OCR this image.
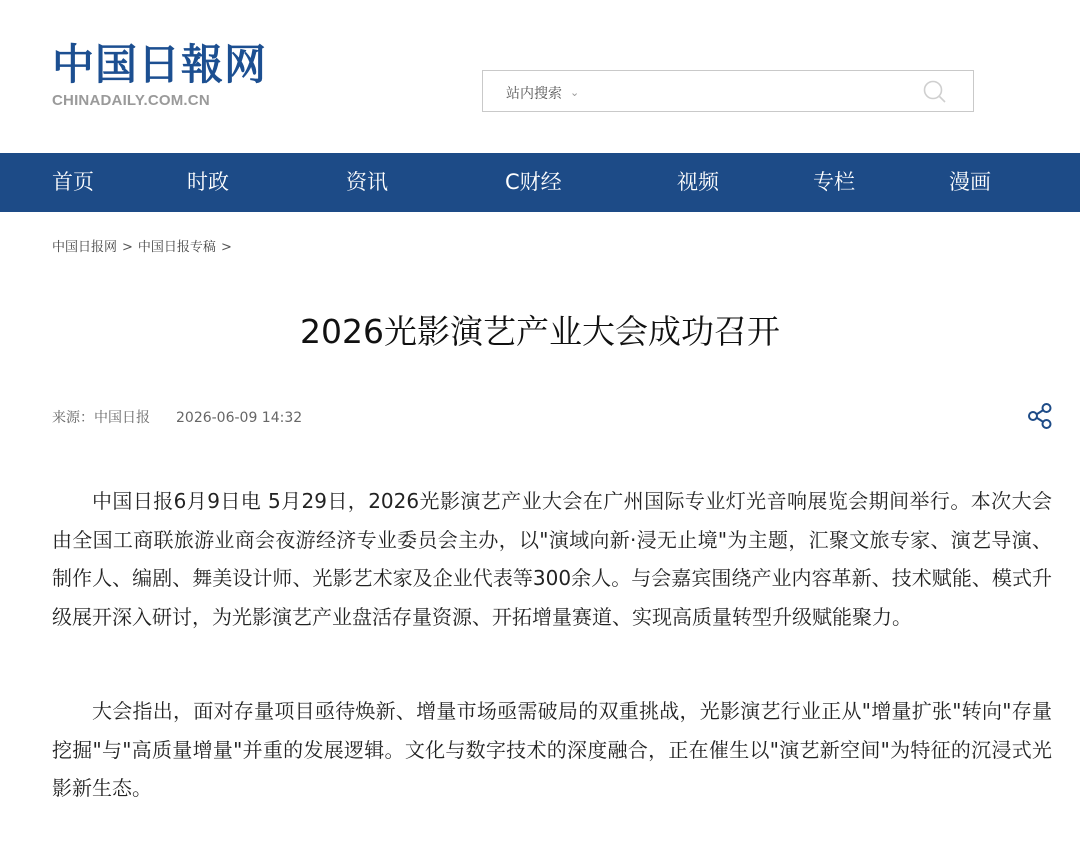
中国日報网
CHINADAILY.COM.CN	站内搜索 ⌄
首页	时政	资讯	C财经	视频	专栏	漫画
中国日报网 > 中国日报专稿 >
2026光影演艺产业大会成功召开
来源：中国日报 2026-06-09 14:32

中国日报6月9日电 5月29日，2026光影演艺产业大会在广州国际专业灯光音响展览会期间举行。本次大会由全国工商联旅游业商会夜游经济专业委员会主办，以"演域向新·浸无止境"为主题，汇聚文旅专家、演艺导演、制作人、编剧、舞美设计师、光影艺术家及企业代表等300余人。与会嘉宾围绕产业内容革新、技术赋能、模式升级展开深入研讨，为光影演艺产业盘活存量资源、开拓增量赛道、实现高质量转型升级赋能聚力。

大会指出，面对存量项目亟待焕新、增量市场亟需破局的双重挑战，光影演艺行业正从"增量扩张"转向"存量挖掘"与"高质量增量"并重的发展逻辑。文化与数字技术的深度融合，正在催生以"演艺新空间"为特征的沉浸式光影新生态。
